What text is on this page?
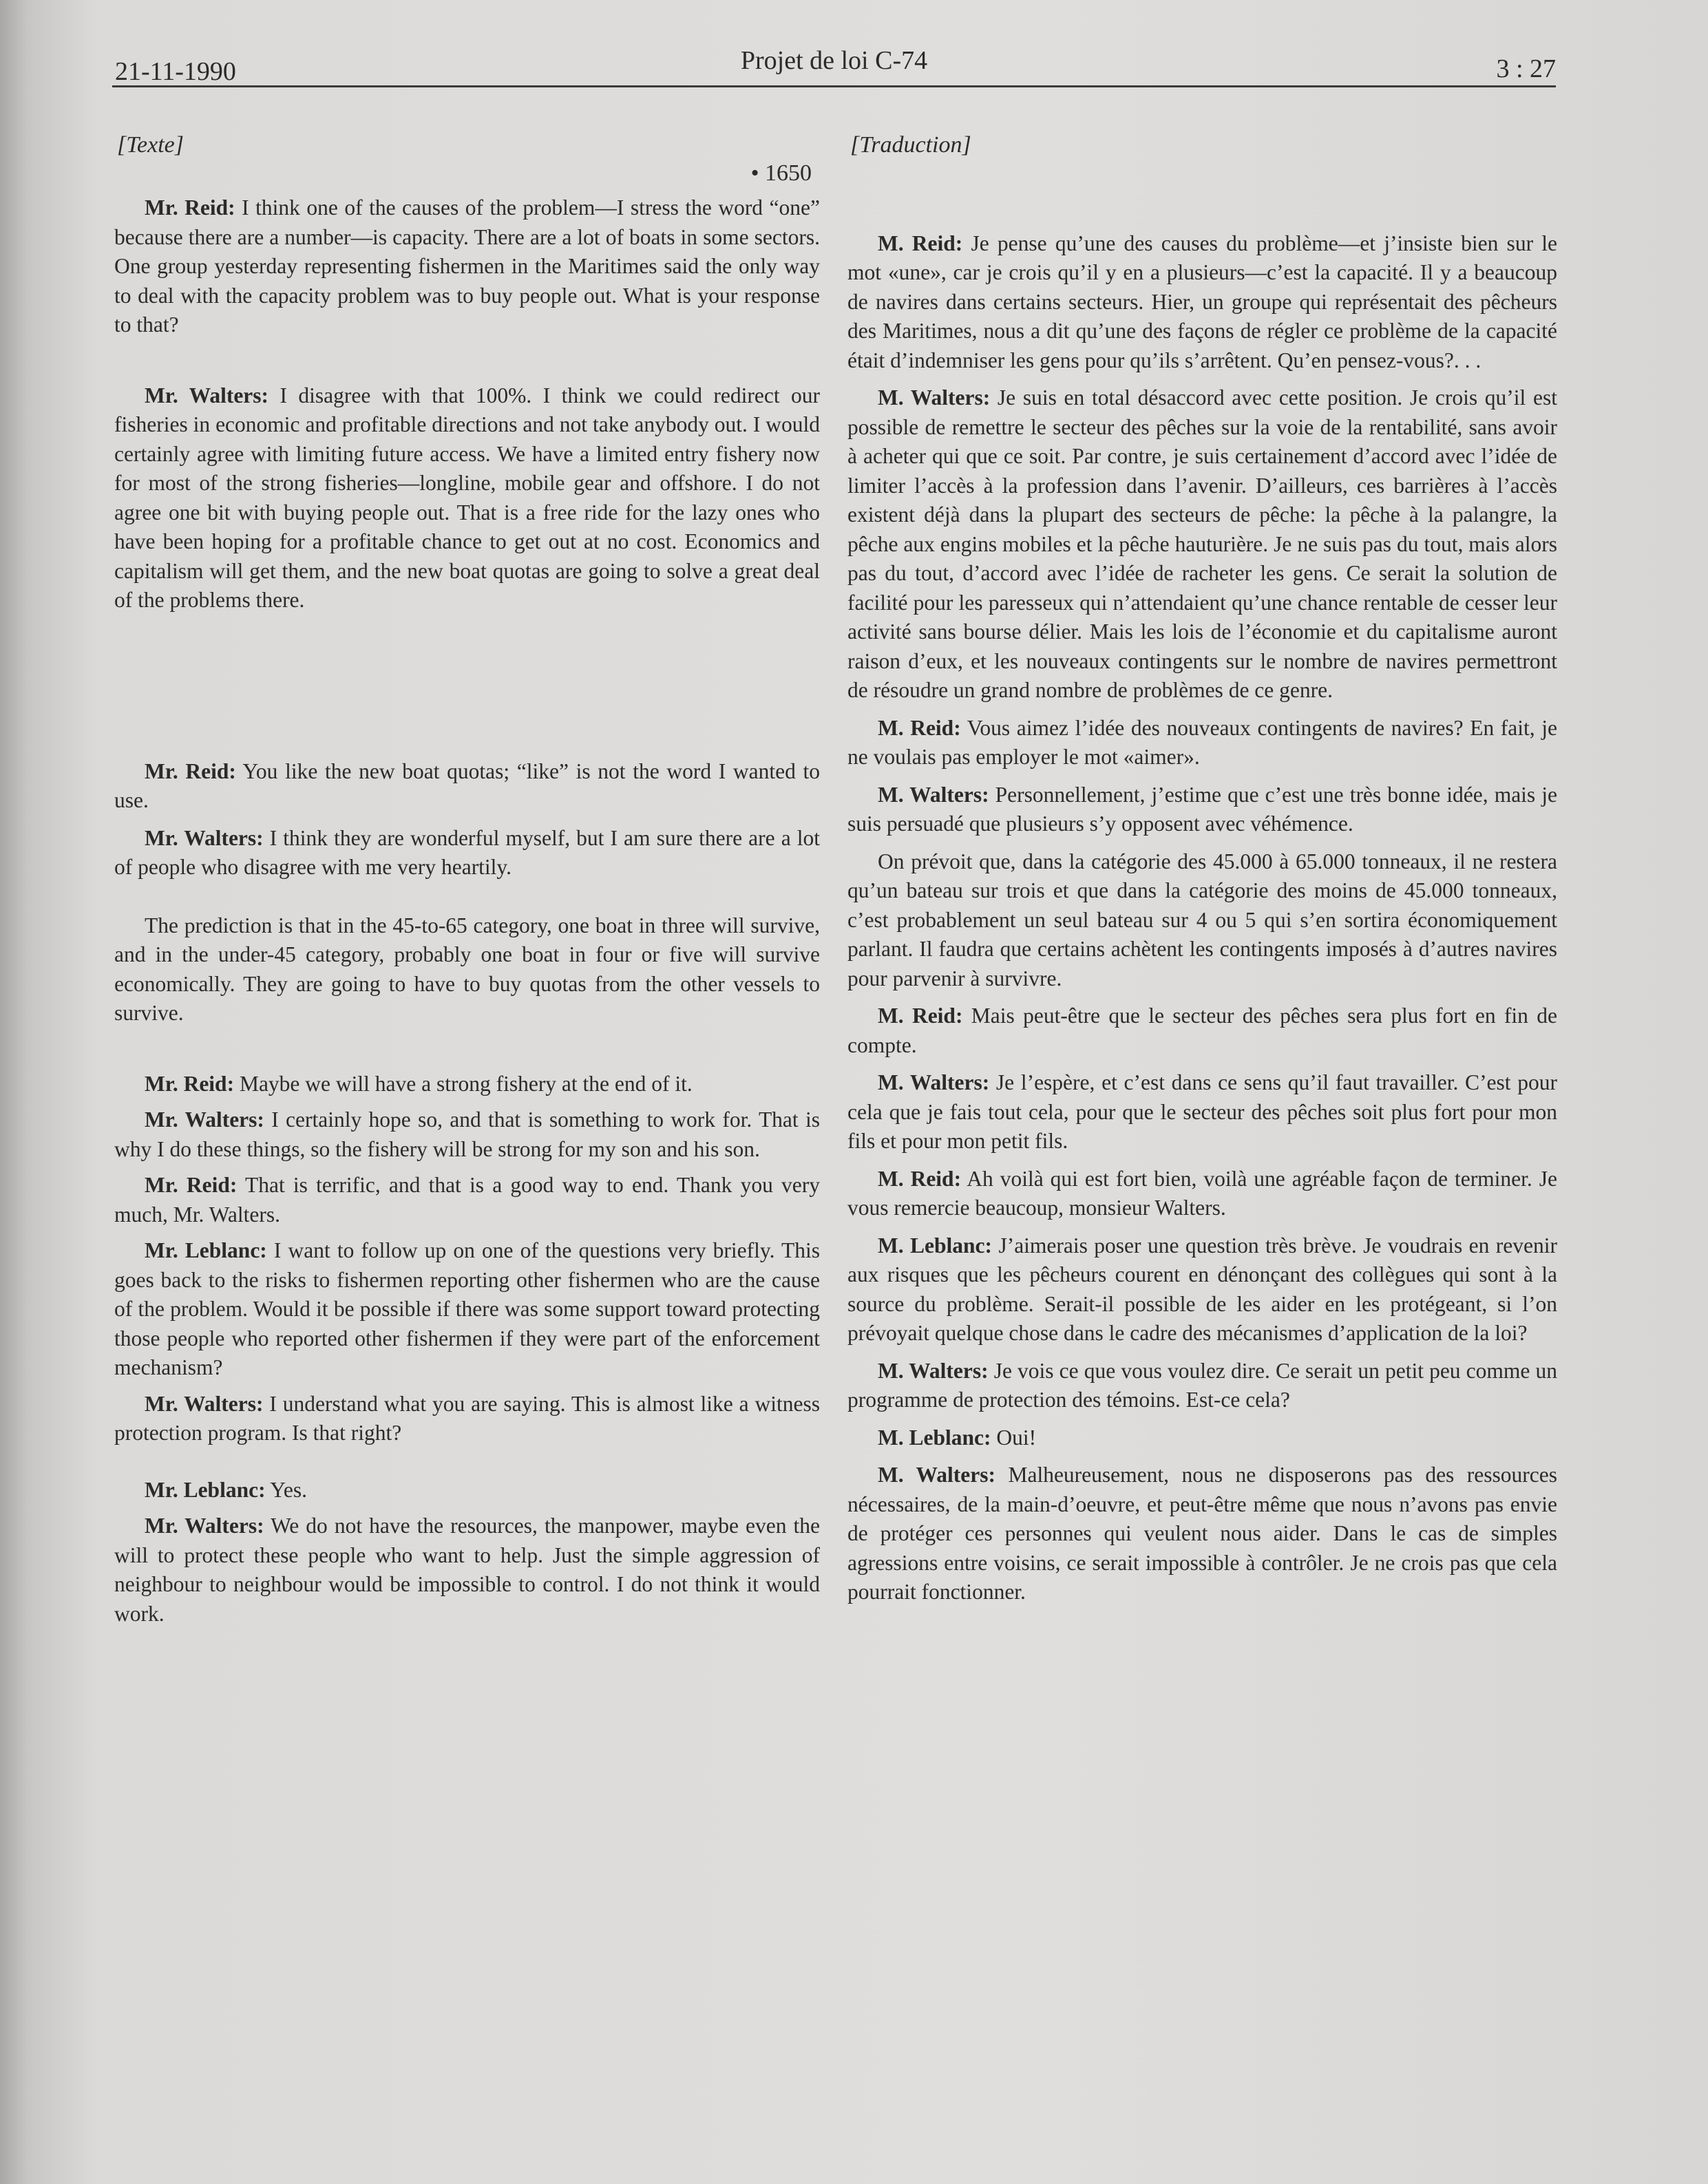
21-11-1990	Projet de loi C-74	3 : 27
[Texte]
• 1650

Mr. Reid: I think one of the causes of the problem—I stress the word “one” because there are a number—is capacity. There are a lot of boats in some sectors. One group yesterday representing fishermen in the Maritimes said the only way to deal with the capacity problem was to buy people out. What is your response to that?

Mr. Walters: I disagree with that 100%. I think we could redirect our fisheries in economic and profitable directions and not take anybody out. I would certainly agree with limiting future access. We have a limited entry fishery now for most of the strong fisheries—longline, mobile gear and offshore. I do not agree one bit with buying people out. That is a free ride for the lazy ones who have been hoping for a profitable chance to get out at no cost. Economics and capitalism will get them, and the new boat quotas are going to solve a great deal of the problems there.

Mr. Reid: You like the new boat quotas; “like” is not the word I wanted to use.

Mr. Walters: I think they are wonderful myself, but I am sure there are a lot of people who disagree with me very heartily.

The prediction is that in the 45-to-65 category, one boat in three will survive, and in the under-45 category, probably one boat in four or five will survive economically. They are going to have to buy quotas from the other vessels to survive.

Mr. Reid: Maybe we will have a strong fishery at the end of it.

Mr. Walters: I certainly hope so, and that is something to work for. That is why I do these things, so the fishery will be strong for my son and his son.

Mr. Reid: That is terrific, and that is a good way to end. Thank you very much, Mr. Walters.

Mr. Leblanc: I want to follow up on one of the questions very briefly. This goes back to the risks to fishermen reporting other fishermen who are the cause of the problem. Would it be possible if there was some support toward protecting those people who reported other fishermen if they were part of the enforcement mechanism?

Mr. Walters: I understand what you are saying. This is almost like a witness protection program. Is that right?

Mr. Leblanc: Yes.

Mr. Walters: We do not have the resources, the manpower, maybe even the will to protect these people who want to help. Just the simple aggression of neighbour to neighbour would be impossible to control. I do not think it would work.

[Traduction]

M. Reid: Je pense qu’une des causes du problème—et j’insiste bien sur le mot «une», car je crois qu’il y en a plusieurs—c’est la capacité. Il y a beaucoup de navires dans certains secteurs. Hier, un groupe qui représentait des pêcheurs des Maritimes, nous a dit qu’une des façons de régler ce problème de la capacité était d’indemniser les gens pour qu’ils s’arrêtent. Qu’en pensez-vous?. . .

M. Walters: Je suis en total désaccord avec cette position. Je crois qu’il est possible de remettre le secteur des pêches sur la voie de la rentabilité, sans avoir à acheter qui que ce soit. Par contre, je suis certainement d’accord avec l’idée de limiter l’accès à la profession dans l’avenir. D’ailleurs, ces barrières à l’accès existent déjà dans la plupart des secteurs de pêche: la pêche à la palangre, la pêche aux engins mobiles et la pêche hauturière. Je ne suis pas du tout, mais alors pas du tout, d’accord avec l’idée de racheter les gens. Ce serait la solution de facilité pour les paresseux qui n’attendaient qu’une chance rentable de cesser leur activité sans bourse délier. Mais les lois de l’économie et du capitalisme auront raison d’eux, et les nouveaux contingents sur le nombre de navires permettront de résoudre un grand nombre de problèmes de ce genre.

M. Reid: Vous aimez l’idée des nouveaux contingents de navires? En fait, je ne voulais pas employer le mot «aimer».

M. Walters: Personnellement, j’estime que c’est une très bonne idée, mais je suis persuadé que plusieurs s’y opposent avec véhémence.

On prévoit que, dans la catégorie des 45.000 à 65.000 tonneaux, il ne restera qu’un bateau sur trois et que dans la catégorie des moins de 45.000 tonneaux, c’est probablement un seul bateau sur 4 ou 5 qui s’en sortira économiquement parlant. Il faudra que certains achètent les contingents imposés à d’autres navires pour parvenir à survivre.

M. Reid: Mais peut-être que le secteur des pêches sera plus fort en fin de compte.

M. Walters: Je l’espère, et c’est dans ce sens qu’il faut travailler. C’est pour cela que je fais tout cela, pour que le secteur des pêches soit plus fort pour mon fils et pour mon petit fils.

M. Reid: Ah voilà qui est fort bien, voilà une agréable façon de terminer. Je vous remercie beaucoup, monsieur Walters.

M. Leblanc: J’aimerais poser une question très brève. Je voudrais en revenir aux risques que les pêcheurs courent en dénonçant des collègues qui sont à la source du problème. Serait-il possible de les aider en les protégeant, si l’on prévoyait quelque chose dans le cadre des mécanismes d’application de la loi?

M. Walters: Je vois ce que vous voulez dire. Ce serait un petit peu comme un programme de protection des témoins. Est-ce cela?

M. Leblanc: Oui!

M. Walters: Malheureusement, nous ne disposerons pas des ressources nécessaires, de la main-d’oeuvre, et peut-être même que nous n’avons pas envie de protéger ces personnes qui veulent nous aider. Dans le cas de simples agressions entre voisins, ce serait impossible à contrôler. Je ne crois pas que cela pourrait fonctionner.
